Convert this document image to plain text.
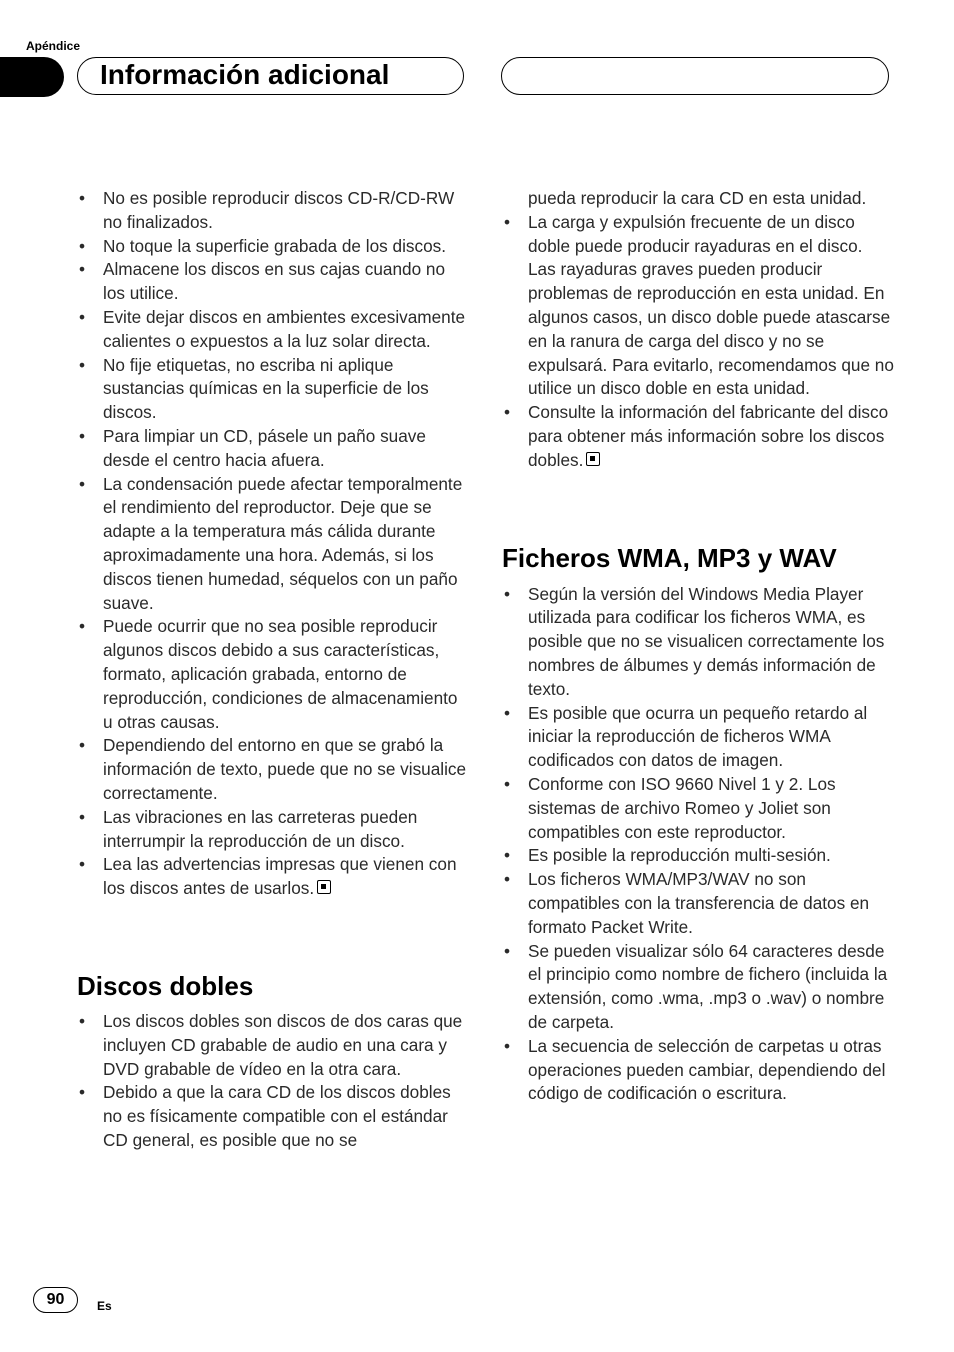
Apéndice
Información adicional
• No es posible reproducir discos CD-R/CD-RW no finalizados.
• No toque la superficie grabada de los discos.
• Almacene los discos en sus cajas cuando no los utilice.
• Evite dejar discos en ambientes excesivamente calientes o expuestos a la luz solar directa.
• No fije etiquetas, no escriba ni aplique sustancias químicas en la superficie de los discos.
• Para limpiar un CD, pásele un paño suave desde el centro hacia afuera.
• La condensación puede afectar temporalmente el rendimiento del reproductor. Deje que se adapte a la temperatura más cálida durante aproximadamente una hora. Además, si los discos tienen humedad, séquelos con un paño suave.
• Puede ocurrir que no sea posible reproducir algunos discos debido a sus características, formato, aplicación grabada, entorno de reproducción, condiciones de almacenamiento u otras causas.
• Dependiendo del entorno en que se grabó la información de texto, puede que no se visualice correctamente.
• Las vibraciones en las carreteras pueden interrumpir la reproducción de un disco.
• Lea las advertencias impresas que vienen con los discos antes de usarlos.
Discos dobles
• Los discos dobles son discos de dos caras que incluyen CD grabable de audio en una cara y DVD grabable de vídeo en la otra cara.
• Debido a que la cara CD de los discos dobles no es físicamente compatible con el estándar CD general, es posible que no se
pueda reproducir la cara CD en esta unidad.
• La carga y expulsión frecuente de un disco doble puede producir rayaduras en el disco. Las rayaduras graves pueden producir problemas de reproducción en esta unidad. En algunos casos, un disco doble puede atascarse en la ranura de carga del disco y no se expulsará. Para evitarlo, recomendamos que no utilice un disco doble en esta unidad.
• Consulte la información del fabricante del disco para obtener más información sobre los discos dobles.
Ficheros WMA, MP3 y WAV
• Según la versión del Windows Media Player utilizada para codificar los ficheros WMA, es posible que no se visualicen correctamente los nombres de álbumes y demás información de texto.
• Es posible que ocurra un pequeño retardo al iniciar la reproducción de ficheros WMA codificados con datos de imagen.
• Conforme con ISO 9660 Nivel 1 y 2. Los sistemas de archivo Romeo y Joliet son compatibles con este reproductor.
• Es posible la reproducción multi-sesión.
• Los ficheros WMA/MP3/WAV no son compatibles con la transferencia de datos en formato Packet Write.
• Se pueden visualizar sólo 64 caracteres desde el principio como nombre de fichero (incluida la extensión, como .wma, .mp3 o .wav) o nombre de carpeta.
• La secuencia de selección de carpetas u otras operaciones pueden cambiar, dependiendo del código de codificación o escritura.
90	Es
